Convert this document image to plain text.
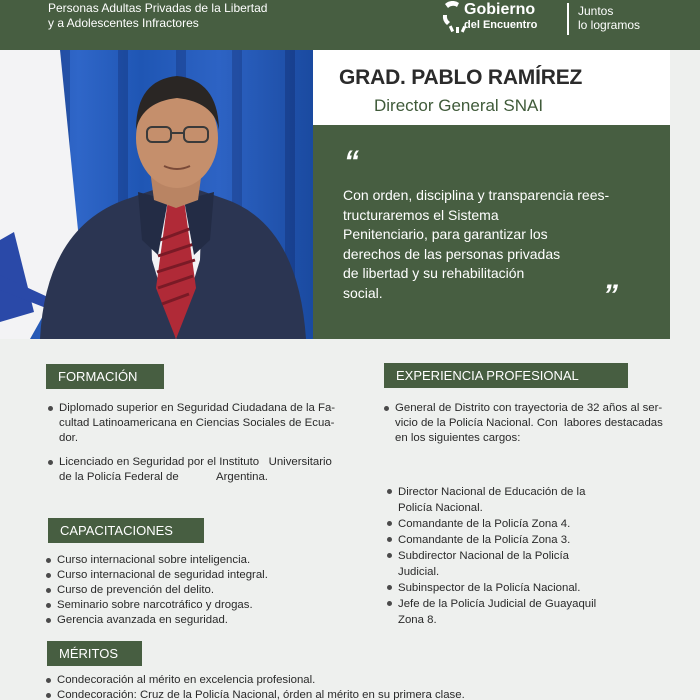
Personas Adultas Privadas de la Libertad
y a Adolescentes Infractores
Gobierno
del Encuentro
Juntos
lo logramos
GRAD. PABLO RAMÍREZ
Director General SNAI
“
Con orden, disciplina y transparencia rees-
tructuraremos el Sistema
Penitenciario, para garantizar los
derechos de las personas privadas
de libertad y su rehabilitación
social.	”
FORMACIÓN
Diplomado superior en Seguridad Ciudadana de la Fa-
cultad Latinoamericana en Ciencias Sociales de Ecua-
dor.
Licenciado en Seguridad por el Instituto   Universitario
de la Policía Federal de            Argentina.
CAPACITACIONES
Curso internacional sobre inteligencia.
Curso internacional de seguridad integral.
Curso de prevención del delito.
Seminario sobre narcotráfico y drogas.
Gerencia avanzada en seguridad.
MÉRITOS
Condecoración al mérito en excelencia profesional.
Condecoración: Cruz de la Policía Nacional, órden al mérito en su primera clase.
EXPERIENCIA PROFESIONAL
General de Distrito con trayectoria de 32 años al ser-
vicio de la Policía Nacional. Con  labores destacadas
en los siguientes cargos:
Director Nacional de Educación de la
Policía Nacional.
Comandante de la Policía Zona 4.
Comandante de la Policía Zona 3.
Subdirector Nacional de la Policía
Judicial.
Subinspector de la Policía Nacional.
Jefe de la Policía Judicial de Guayaquil
Zona 8.
